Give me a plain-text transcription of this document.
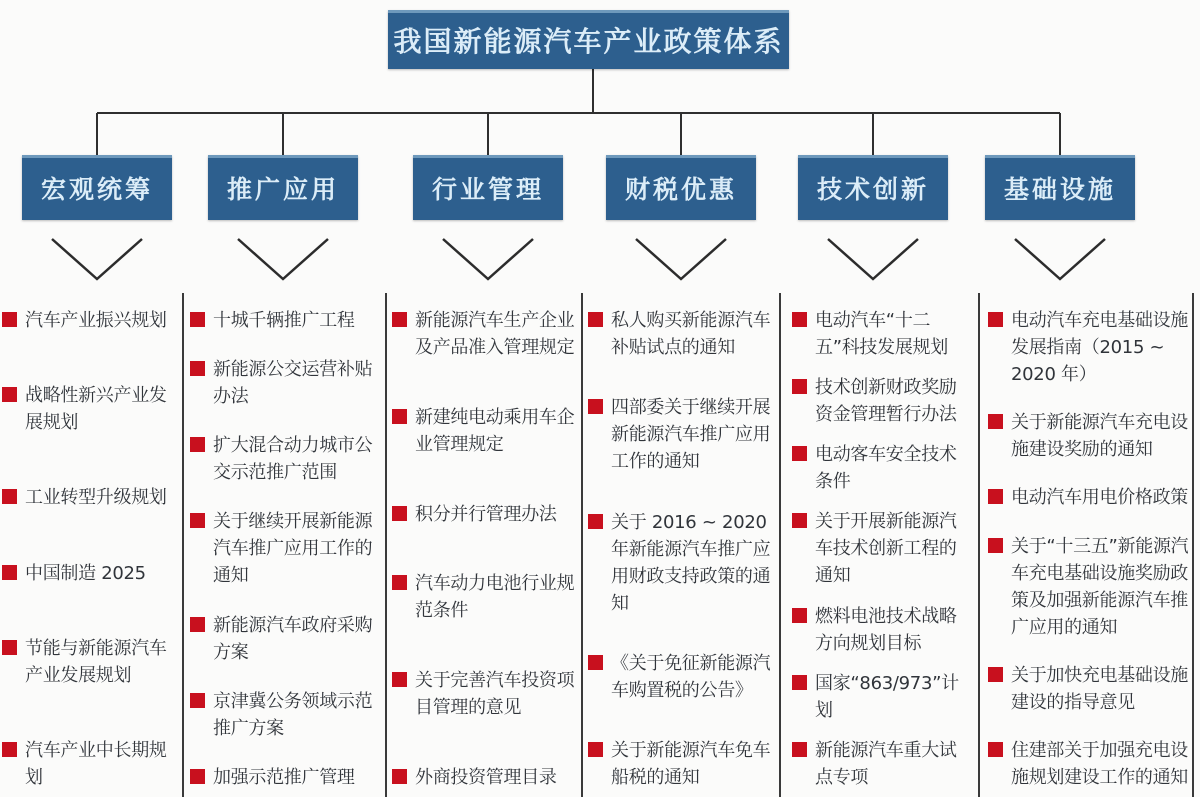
我国新能源汽车产业政策体系
宏观统筹
汽车产业振兴规划
战略性新兴产业发展规划
工业转型升级规划
中国制造 2025
节能与新能源汽车产业发展规划
汽车产业中长期规划
推广应用
十城千辆推广工程
新能源公交运营补贴办法
扩大混合动力城市公交示范推广范围
关于继续开展新能源汽车推广应用工作的通知
新能源汽车政府采购方案
京津冀公务领域示范推广方案
加强示范推广管理
行业管理
新能源汽车生产企业及产品准入管理规定
新建纯电动乘用车企业管理规定
积分并行管理办法
汽车动力电池行业规范条件
关于完善汽车投资项目管理的意见
外商投资管理目录
财税优惠
私人购买新能源汽车补贴试点的通知
四部委关于继续开展新能源汽车推广应用工作的通知
关于 2016 ~ 2020 年新能源汽车推广应用财政支持政策的通知
《关于免征新能源汽车购置税的公告》
关于新能源汽车免车船税的通知
技术创新
电动汽车“十二五”科技发展规划
技术创新财政奖励资金管理暂行办法
电动客车安全技术条件
关于开展新能源汽车技术创新工程的通知
燃料电池技术战略方向规划目标
国家“863/973”计划
新能源汽车重大试点专项
基础设施
电动汽车充电基础设施发展指南（2015 ~ 2020 年）
关于新能源汽车充电设施建设奖励的通知
电动汽车用电价格政策
关于“十三五”新能源汽车充电基础设施奖励政策及加强新能源汽车推广应用的通知
关于加快充电基础设施建设的指导意见
住建部关于加强充电设施规划建设工作的通知
